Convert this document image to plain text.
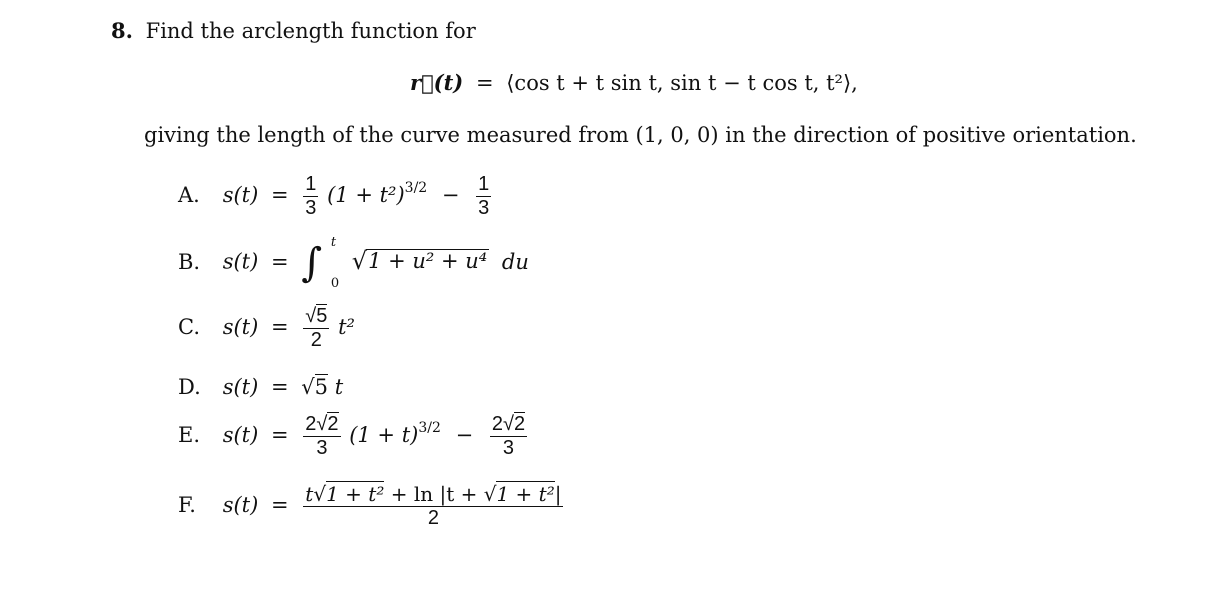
8. Find the arclength function for
r⃗(t) = ⟨cos t + t sin t, sin t − t cos t, t²⟩,
giving the length of the curve measured from (1, 0, 0) in the direction of positive orientation.
A. $s(t) = \frac{1}{3} (1 + t^2)^{3/2} - \frac{1}{3}$
B. s(t) = ∫ t
0

√ 1 + u² + u⁴ du
C. $s(t) = \frac{√5}{2} t^2$
D. s(t) = √5 t
E. $s(t) = \frac{2√2}{3} (1 + t)^{3/2} - \frac{2√2}{3}$
F. $s(t) = \frac{\text{t√1 + t² + ln |t + √1 + t²|}}{2}$
